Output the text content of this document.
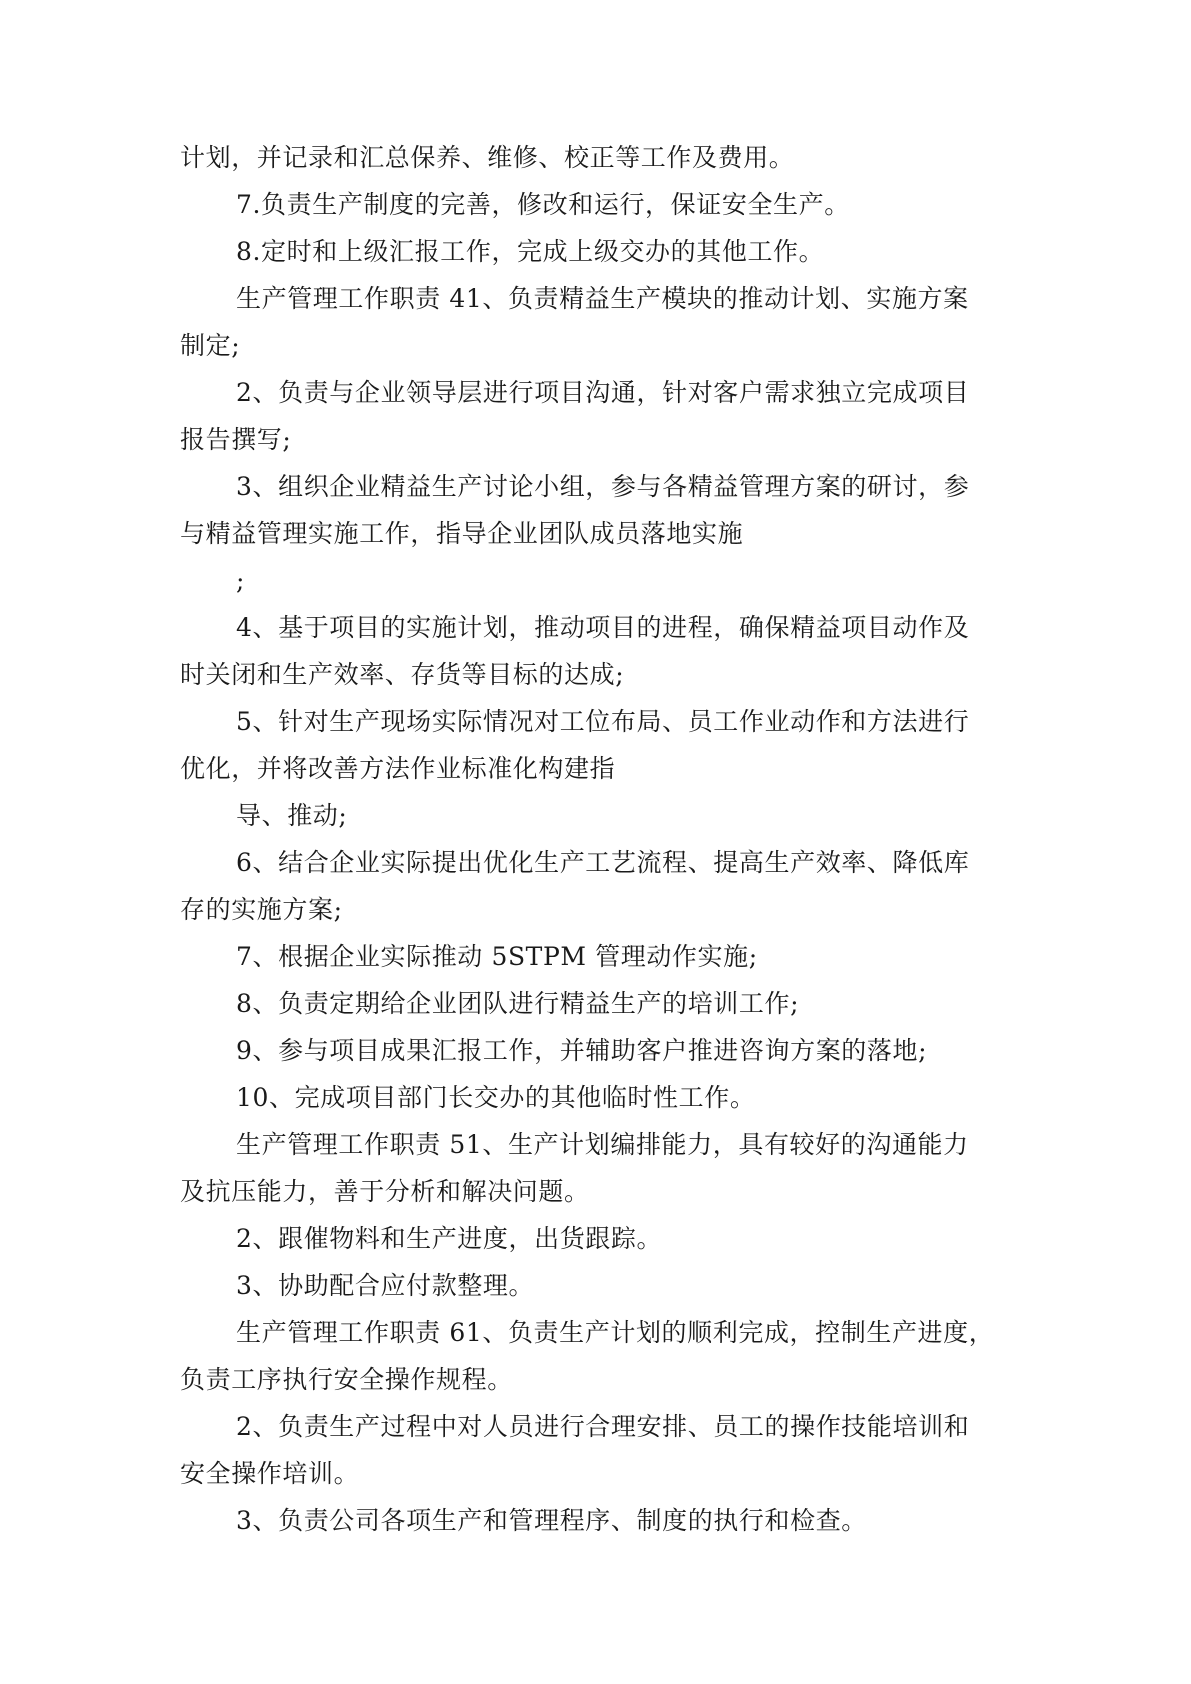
计划，并记录和汇总保养、维修、校正等工作及费用。
7.负责生产制度的完善，修改和运行，保证安全生产。
8.定时和上级汇报工作，完成上级交办的其他工作。
生产管理工作职责 41、负责精益生产模块的推动计划、实施方案
制定;
2、负责与企业领导层进行项目沟通，针对客户需求独立完成项目
报告撰写;
3、组织企业精益生产讨论小组，参与各精益管理方案的研讨，参
与精益管理实施工作，指导企业团队成员落地实施
;
4、基于项目的实施计划，推动项目的进程，确保精益项目动作及
时关闭和生产效率、存货等目标的达成;
5、针对生产现场实际情况对工位布局、员工作业动作和方法进行
优化，并将改善方法作业标准化构建指
导、推动;
6、结合企业实际提出优化生产工艺流程、提高生产效率、降低库
存的实施方案;
7、根据企业实际推动 5STPM 管理动作实施;
8、负责定期给企业团队进行精益生产的培训工作;
9、参与项目成果汇报工作，并辅助客户推进咨询方案的落地;
10、完成项目部门长交办的其他临时性工作。
生产管理工作职责 51、生产计划编排能力，具有较好的沟通能力
及抗压能力，善于分析和解决问题。
2、跟催物料和生产进度，出货跟踪。
3、协助配合应付款整理。
生产管理工作职责 61、负责生产计划的顺利完成，控制生产进度，
负责工序执行安全操作规程。
2、负责生产过程中对人员进行合理安排、员工的操作技能培训和
安全操作培训。
3、负责公司各项生产和管理程序、制度的执行和检查。
